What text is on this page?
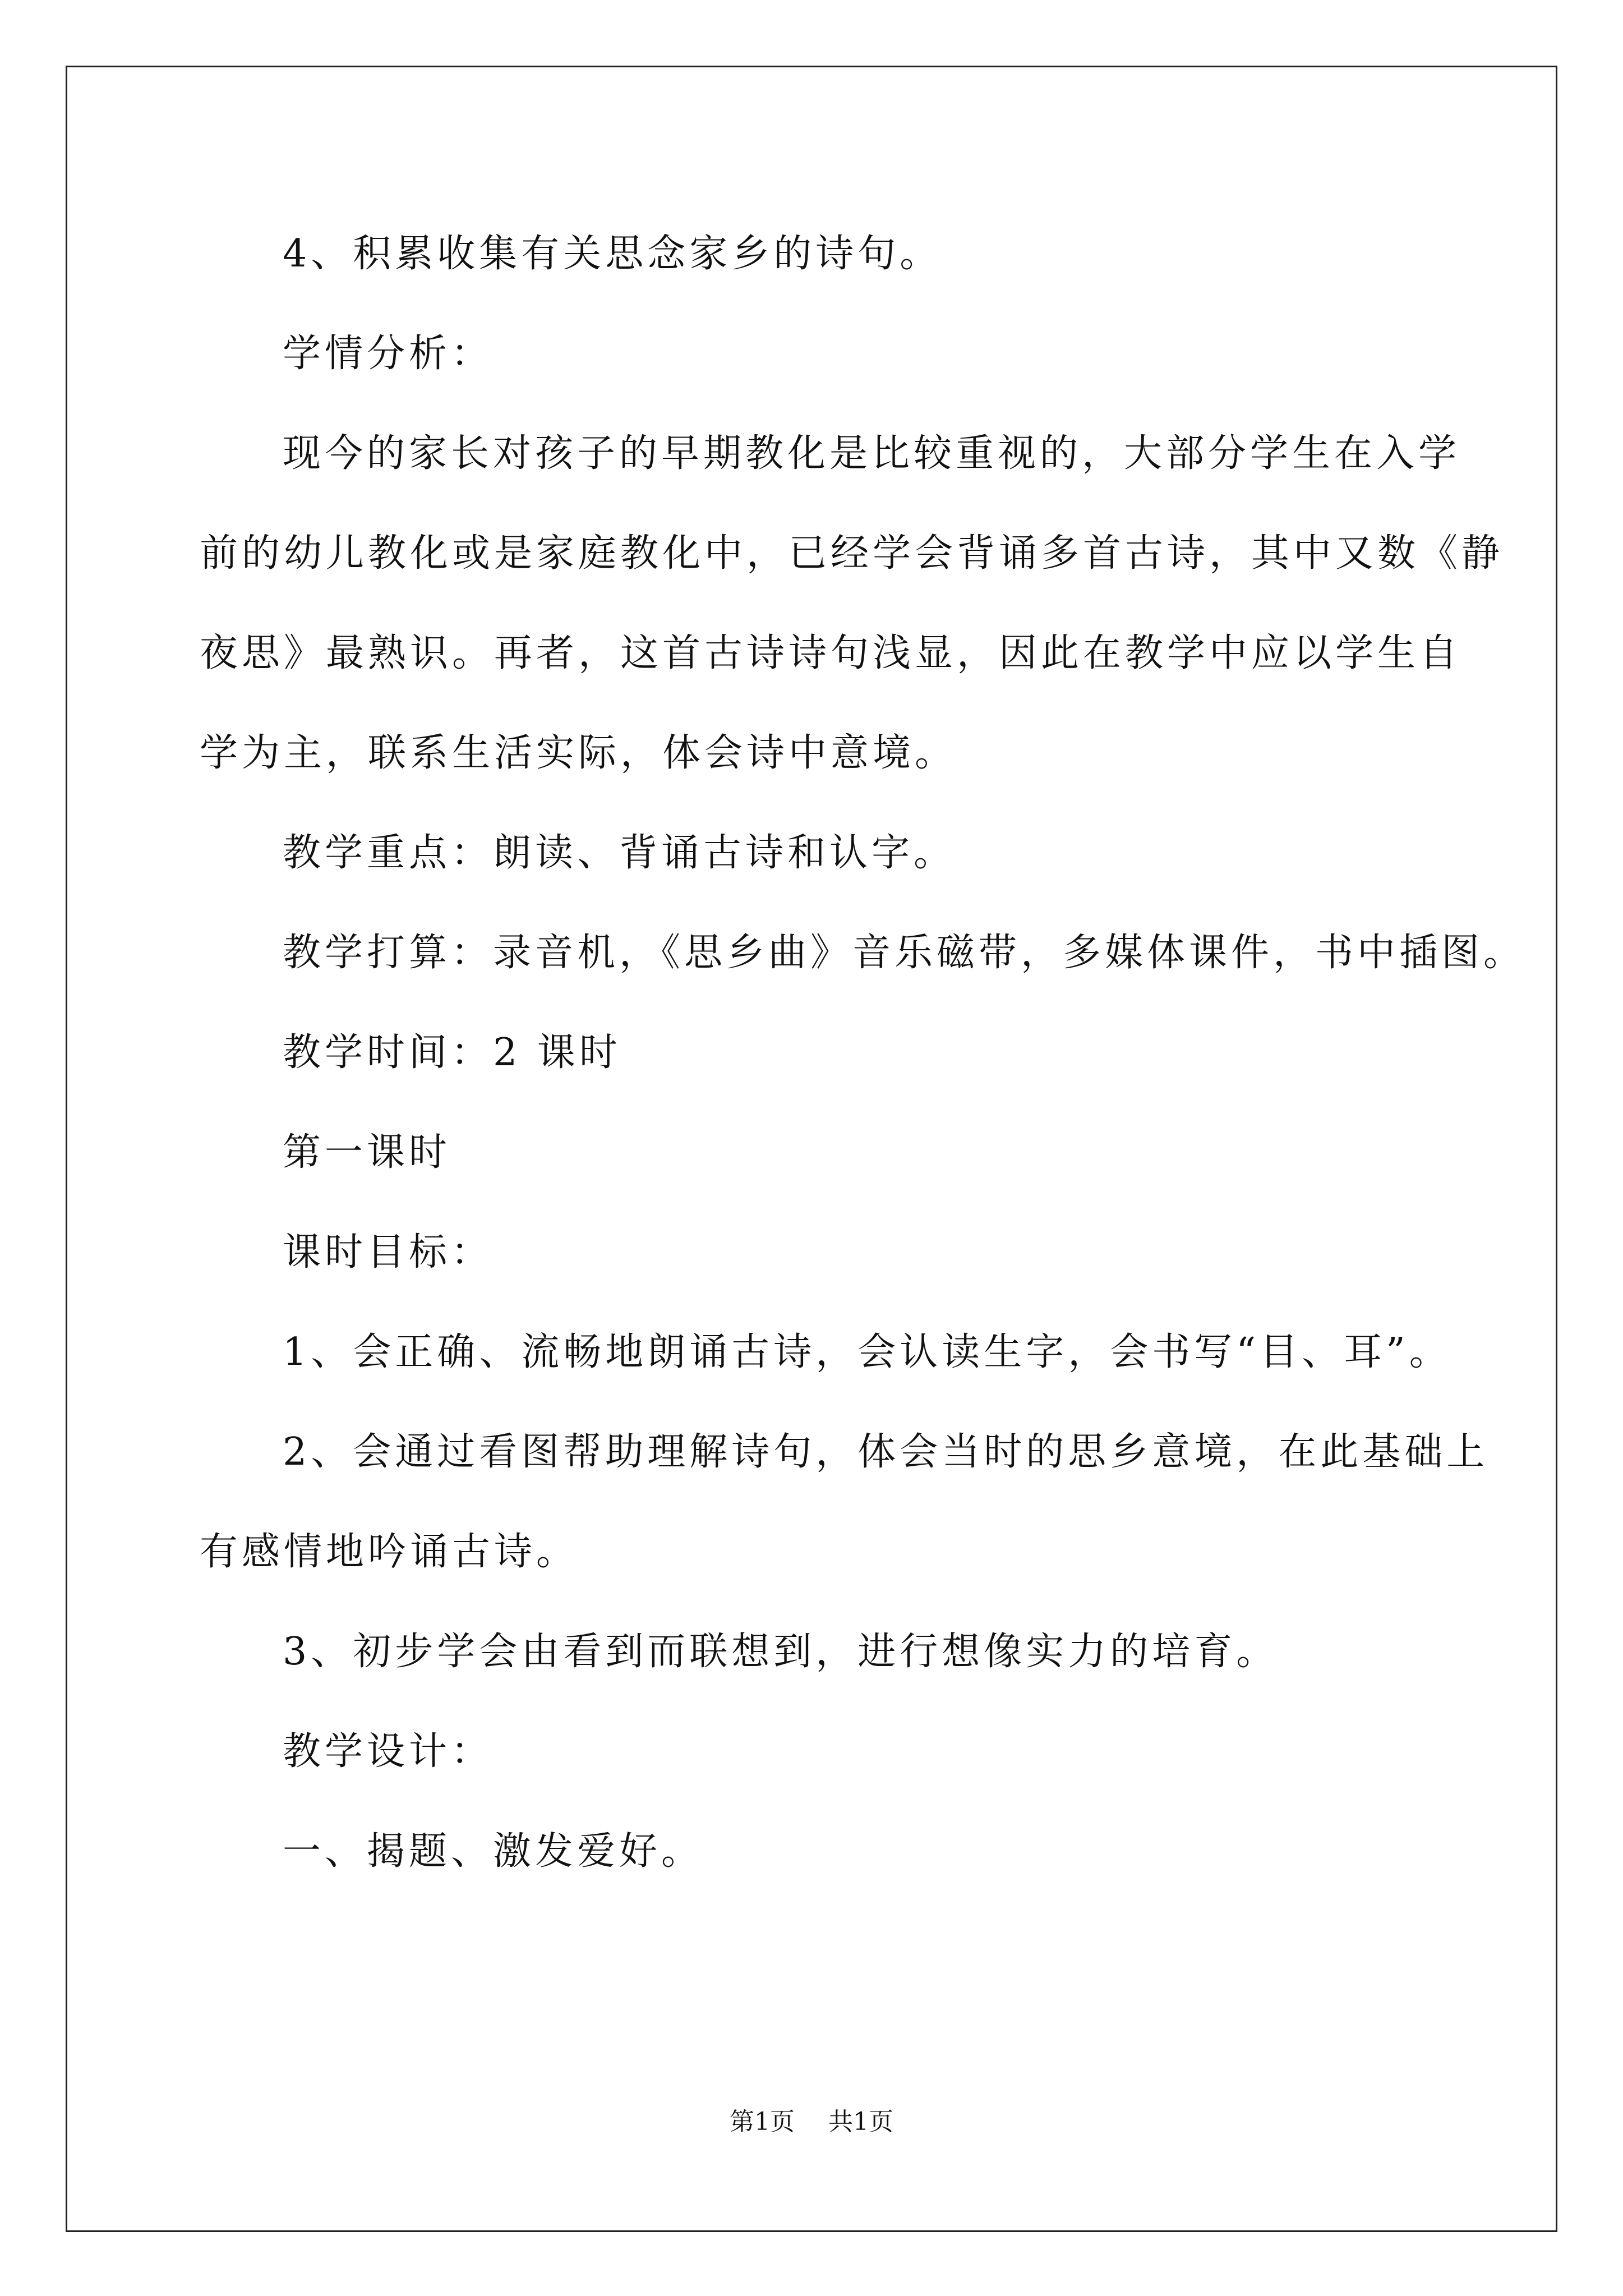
4、积累收集有关思念家乡的诗句。

学情分析：

现今的家长对孩子的早期教化是比较重视的，大部分学生在入学
前的幼儿教化或是家庭教化中，已经学会背诵多首古诗，其中又数《静
夜思》最熟识。再者，这首古诗诗句浅显，因此在教学中应以学生自
学为主，联系生活实际，体会诗中意境。

教学重点：朗读、背诵古诗和认字。

教学打算：录音机，《思乡曲》音乐磁带，多媒体课件，书中插图。

教学时间：2 课时

第一课时

课时目标：

1、会正确、流畅地朗诵古诗，会认读生字，会书写“目、耳”。

2、会通过看图帮助理解诗句，体会当时的思乡意境，在此基础上
有感情地吟诵古诗。

3、初步学会由看到而联想到，进行想像实力的培育。

教学设计：

一、揭题、激发爱好。

第1页 共1页
